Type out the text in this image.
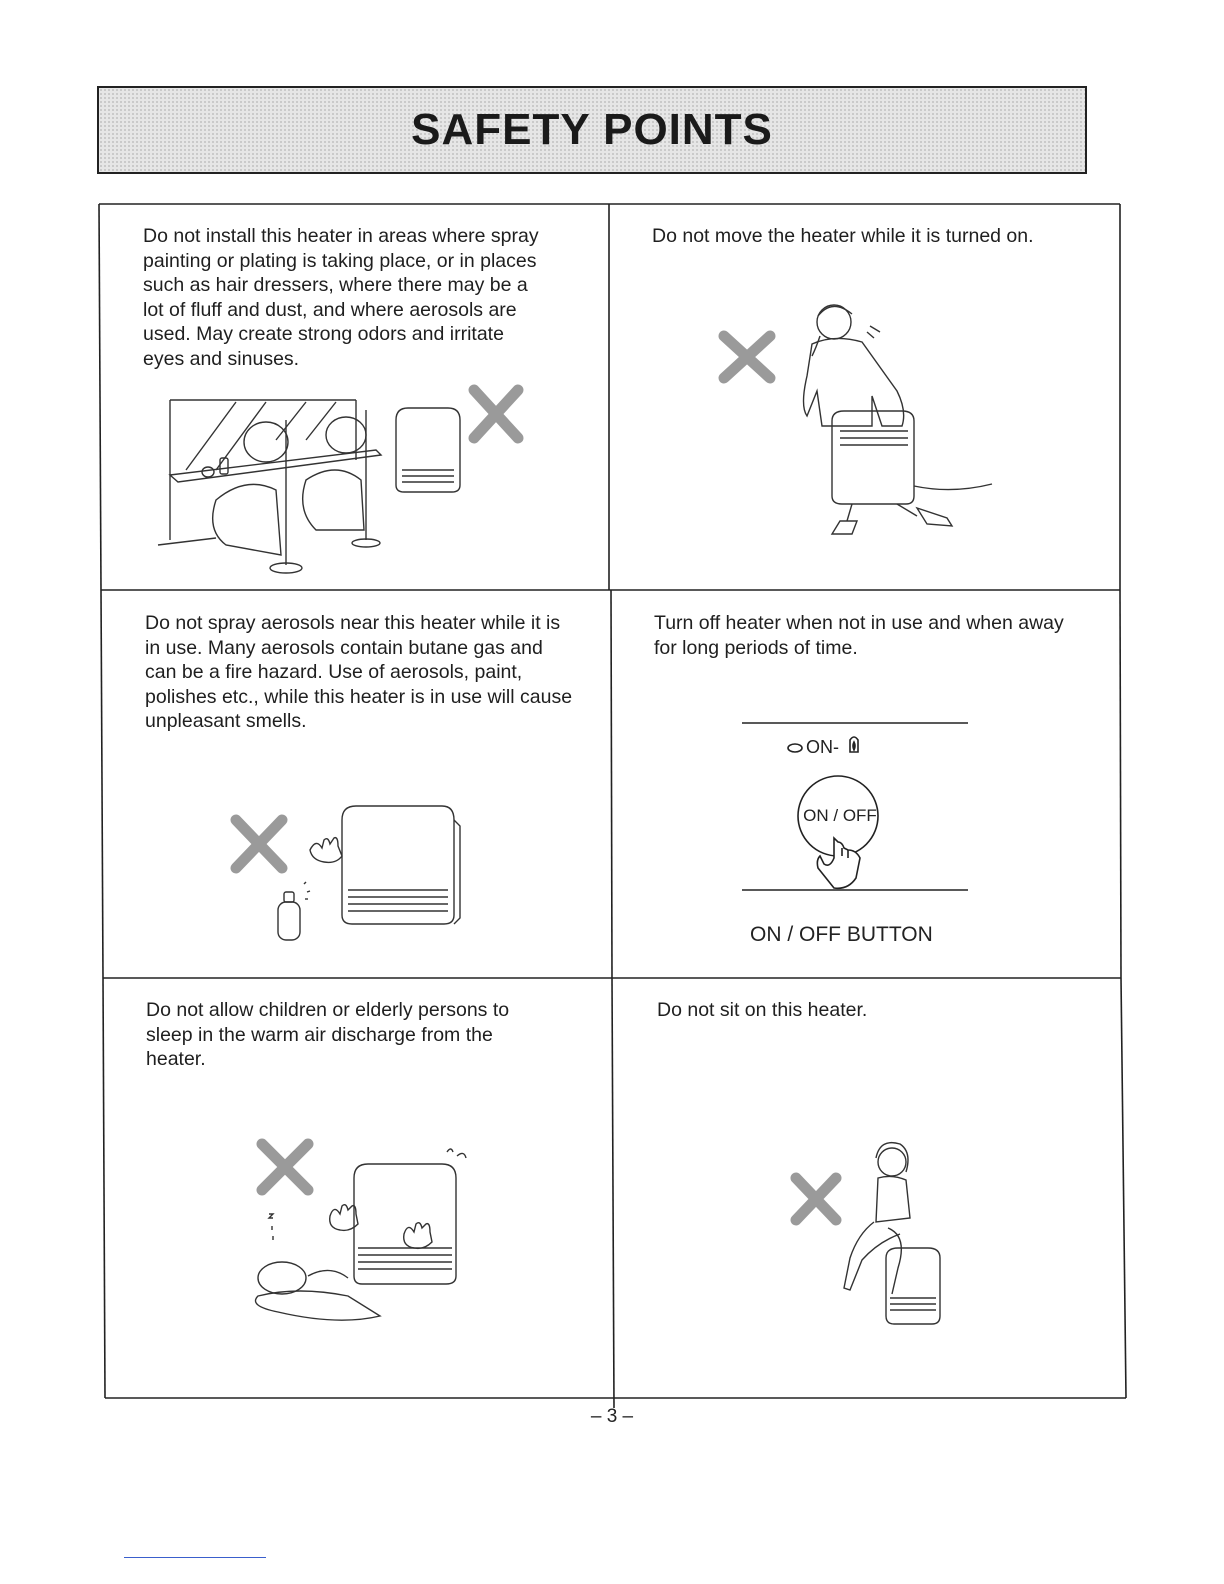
SAFETY POINTS
Do not install this heater in areas where spray painting or plating is taking place, or in places such as hair dressers, where there may be a lot of fluff and dust, and where aerosols are used. May create strong odors and irritate eyes and sinuses.
Do not move the heater while it is turned on.
Do not spray aerosols near this heater while it is in use. Many aerosols contain butane gas and can be a fire hazard. Use of aerosols, paint, polishes etc., while this heater is in use will cause unpleasant smells.
Turn off heater when not in use and when away for long periods of time.
ON-
ON / OFF
ON / OFF BUTTON
Do not allow children or elderly persons to sleep in the warm air discharge from the heater.
Do not sit on this heater.
– 3 –
